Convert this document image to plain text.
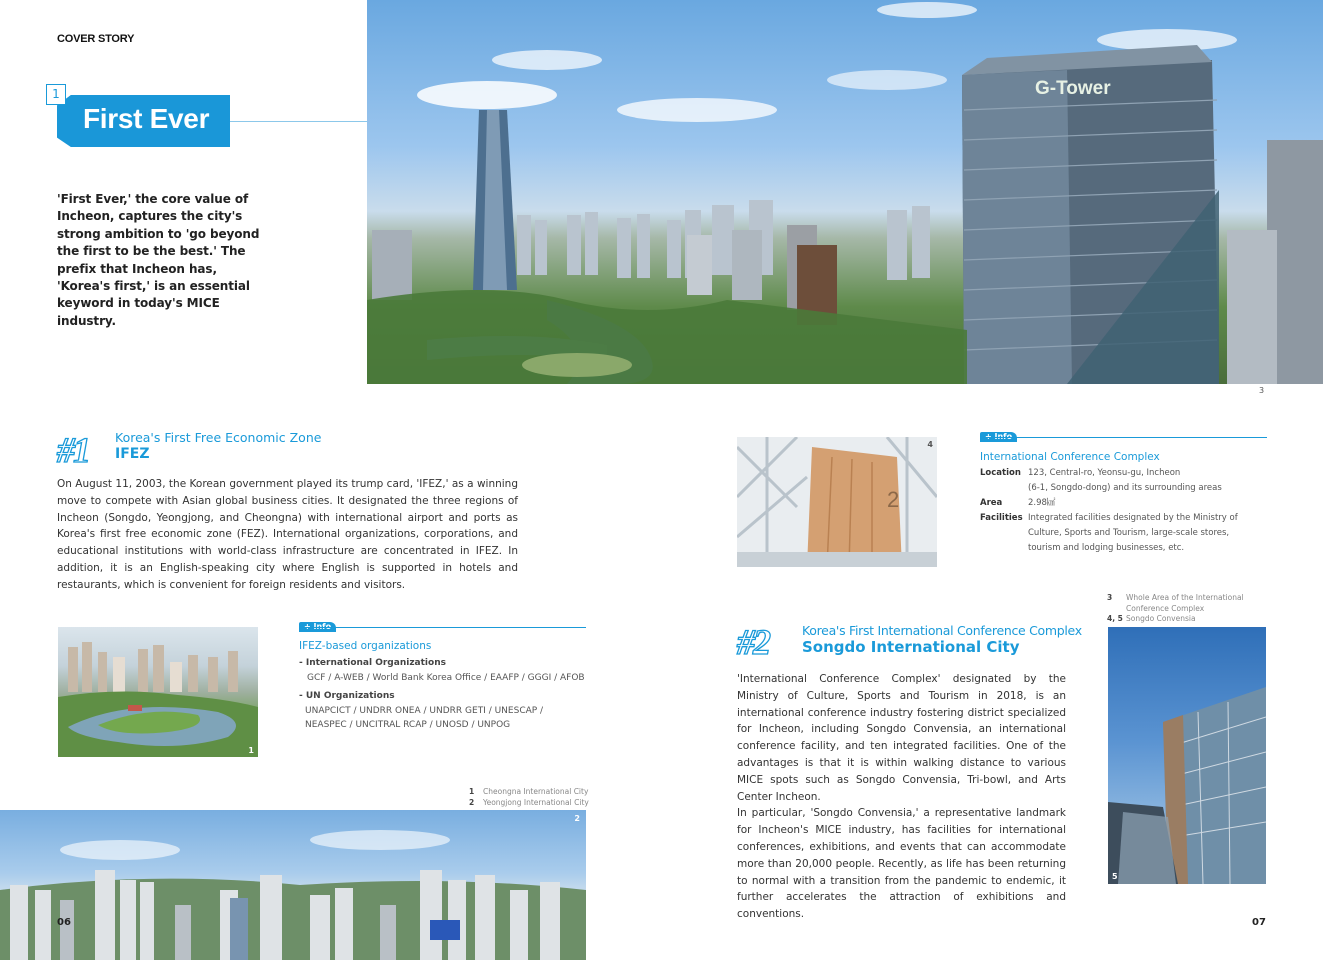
COVER STORY
1
First Ever
'First Ever,' the core value of Incheon, captures the city's strong ambition to 'go beyond the first to be the best.' The prefix that Incheon has, 'Korea's first,' is an essential keyword in today's MICE industry.
G-Tower
3
#1 Korea's First Free Economic Zone
IFEZ
On August 11, 2003, the Korean government played its trump card, 'IFEZ,' as a winning move to compete with Asian global business cities. It designated the three regions of Incheon (Songdo, Yeongjong, and Cheongna) with international airport and ports as Korea's first free economic zone (FEZ). International organizations, corporations, and educational institutions with world-class infrastructure are concentrated in IFEZ. In addition, it is an English-speaking city where English is supported in hotels and restaurants, which is convenient for foreign residents and visitors.
1
IFEZ-based organizations
- International Organizations
GCF / A-WEB / World Bank Korea Office / EAAFP / GGGI / AFOB
- UN Organizations
UNAPCICT / UNDRR ONEA / UNDRR GETI / UNESCAP /
NEASPEC / UNCITRAL RCAP / UNOSD / UNPOG
1 Cheongna International City
2 Yeongjong International City
2
06
2
4
International Conference Complex
Location 123, Central-ro, Yeonsu-gu, Incheon
(6-1, Songdo-dong) and its surrounding areas
Area	2.98㎢
Facilities Integrated facilities designated by the Ministry of
Culture, Sports and Tourism, large-scale stores,
tourism and lodging businesses, etc.
3 Whole Area of the International
Conference Complex
4, 5 Songdo Convensia
#2	Korea's First International Conference Complex
Songdo International City
'International Conference Complex' designated by the Ministry of Culture, Sports and Tourism in 2018, is an international conference industry fostering district specialized for Incheon, including Songdo Convensia, an international conference facility, and ten integrated facilities. One of the advantages is that it is within walking distance to various MICE spots such as Songdo Convensia, Tri-bowl, and Arts Center Incheon.
In particular, 'Songdo Convensia,' a representative landmark for Incheon's MICE industry, has facilities for international conferences, exhibitions, and events that can accommodate more than 20,000 people. Recently, as life has been returning to normal with a transition from the pandemic to endemic, it further accelerates the attraction of exhibitions and conventions.
5
07
